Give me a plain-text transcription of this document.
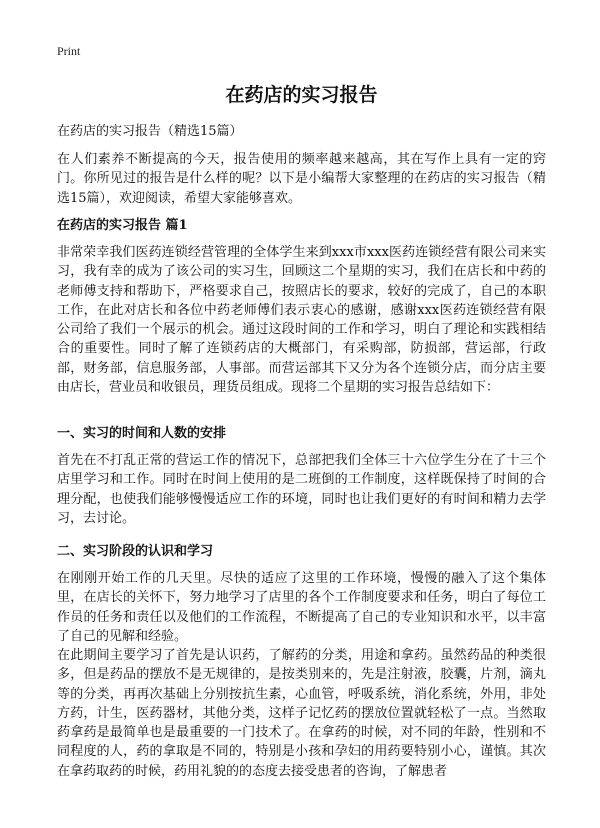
Print
在药店的实习报告

在药店的实习报告（精选15篇）

在人们素养不断提高的今天，报告使用的频率越来越高，其在写作上具有一定的窍门。你所见过的报告是什么样的呢？以下是小编帮大家整理的在药店的实习报告（精选15篇），欢迎阅读，希望大家能够喜欢。

在药店的实习报告 篇1

非常荣幸我们医药连锁经营管理的全体学生来到xxx市xxx医药连锁经营有限公司来实习，我有幸的成为了该公司的实习生，回顾这二个星期的实习，我们在店长和中药的老师傅支持和帮助下，严格要求自己，按照店长的要求，较好的完成了，自己的本职工作，在此对店长和各位中药老师傅们表示衷心的感谢，感谢xxx医药连锁经营有限公司给了我们一个展示的机会。通过这段时间的工作和学习，明白了理论和实践相结合的重要性。同时了解了连锁药店的大概部门，有采购部，防损部，营运部，行政部，财务部，信息服务部，人事部。而营运部其下又分为各个连锁分店，而分店主要由店长，营业员和收银员，理货员组成。现将二个星期的实习报告总结如下：

一、实习的时间和人数的安排

首先在不打乱正常的营运工作的情况下，总部把我们全体三十六位学生分在了十三个店里学习和工作。同时在时间上使用的是二班倒的工作制度，这样既保持了时间的合理分配，也使我们能够慢慢适应工作的环境，同时也让我们更好的有时间和精力去学习，去讨论。

二、实习阶段的认识和学习

在刚刚开始工作的几天里。尽快的适应了这里的工作环境，慢慢的融入了这个集体里，在店长的关怀下，努力地学习了店里的各个工作制度要求和任务，明白了每位工作员的任务和责任以及他们的工作流程，不断提高了自己的专业知识和水平，以丰富了自己的见解和经验。

在此期间主要学习了首先是认识药，了解药的分类，用途和拿药。虽然药品的种类很多，但是药品的摆放不是无规律的，是按类别来的，先是注射液，胶囊，片剂，滴丸等的分类，再再次基础上分别按抗生素，心血管，呼吸系统，消化系统，外用，非处方药，计生，医药器材，其他分类，这样子记忆药的摆放位置就轻松了一点。当然取药拿药是最简单也是最重要的一门技术了。在拿药的时候，对不同的年龄，性别和不同程度的人，药的拿取是不同的，特别是小孩和孕妇的用药要特别小心，谨慎。其次在拿药取药的时候，药用礼貌的的态度去接受患者的咨询，了解患者
